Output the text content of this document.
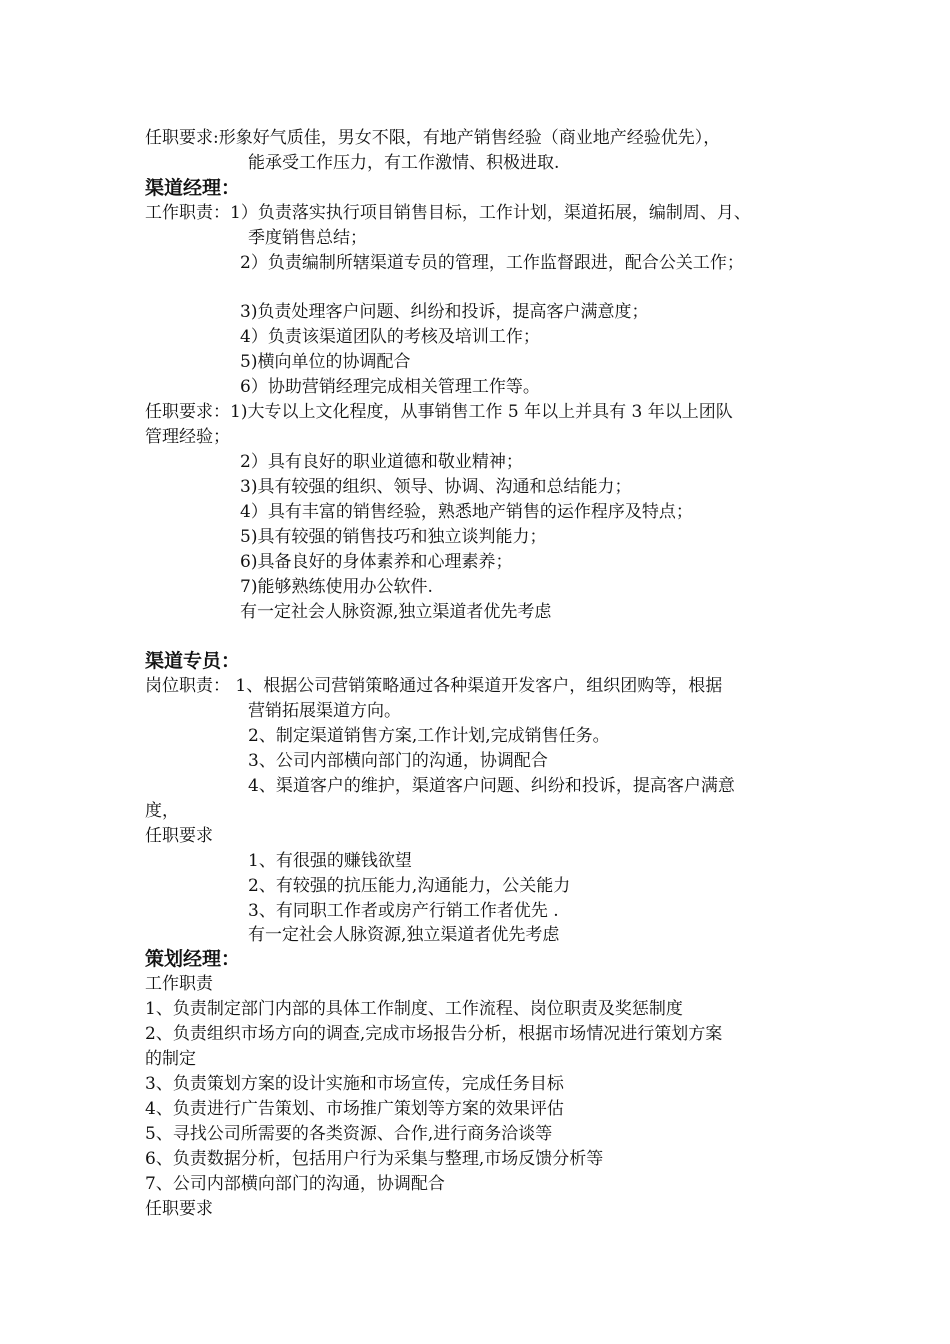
任职要求:形象好气质佳，男女不限，有地产销售经验（商业地产经验优先），
能承受工作压力，有工作激情、积极进取.
渠道经理：
工作职责：1）负责落实执行项目销售目标，工作计划，渠道拓展，编制周、月、
季度销售总结；
2）负责编制所辖渠道专员的管理，工作监督跟进，配合公关工作；
3)负责处理客户问题、纠纷和投诉，提高客户满意度；
4）负责该渠道团队的考核及培训工作；
5)横向单位的协调配合
6）协助营销经理完成相关管理工作等。
任职要求：1)大专以上文化程度，从事销售工作 5 年以上并具有 3 年以上团队
管理经验；
2）具有良好的职业道德和敬业精神；
3)具有较强的组织、领导、协调、沟通和总结能力；
4）具有丰富的销售经验，熟悉地产销售的运作程序及特点；
5)具有较强的销售技巧和独立谈判能力；
6)具备良好的身体素养和心理素养；
7)能够熟练使用办公软件.
有一定社会人脉资源,独立渠道者优先考虑
渠道专员：
岗位职责： 1、根据公司营销策略通过各种渠道开发客户，组织团购等，根据
营销拓展渠道方向。
2、制定渠道销售方案,工作计划,完成销售任务。
3、公司内部横向部门的沟通，协调配合
4、渠道客户的维护，渠道客户问题、纠纷和投诉，提高客户满意
度，
任职要求
1、有很强的赚钱欲望
2、有较强的抗压能力,沟通能力，公关能力
3、有同职工作者或房产行销工作者优先 .
有一定社会人脉资源,独立渠道者优先考虑
策划经理：
工作职责
1、负责制定部门内部的具体工作制度、工作流程、岗位职责及奖惩制度
2、负责组织市场方向的调查,完成市场报告分析，根据市场情况进行策划方案
的制定
3、负责策划方案的设计实施和市场宣传，完成任务目标
4、负责进行广告策划、市场推广策划等方案的效果评估
5、寻找公司所需要的各类资源、合作,进行商务洽谈等
6、负责数据分析，包括用户行为采集与整理,市场反馈分析等
7、公司内部横向部门的沟通，协调配合
任职要求
